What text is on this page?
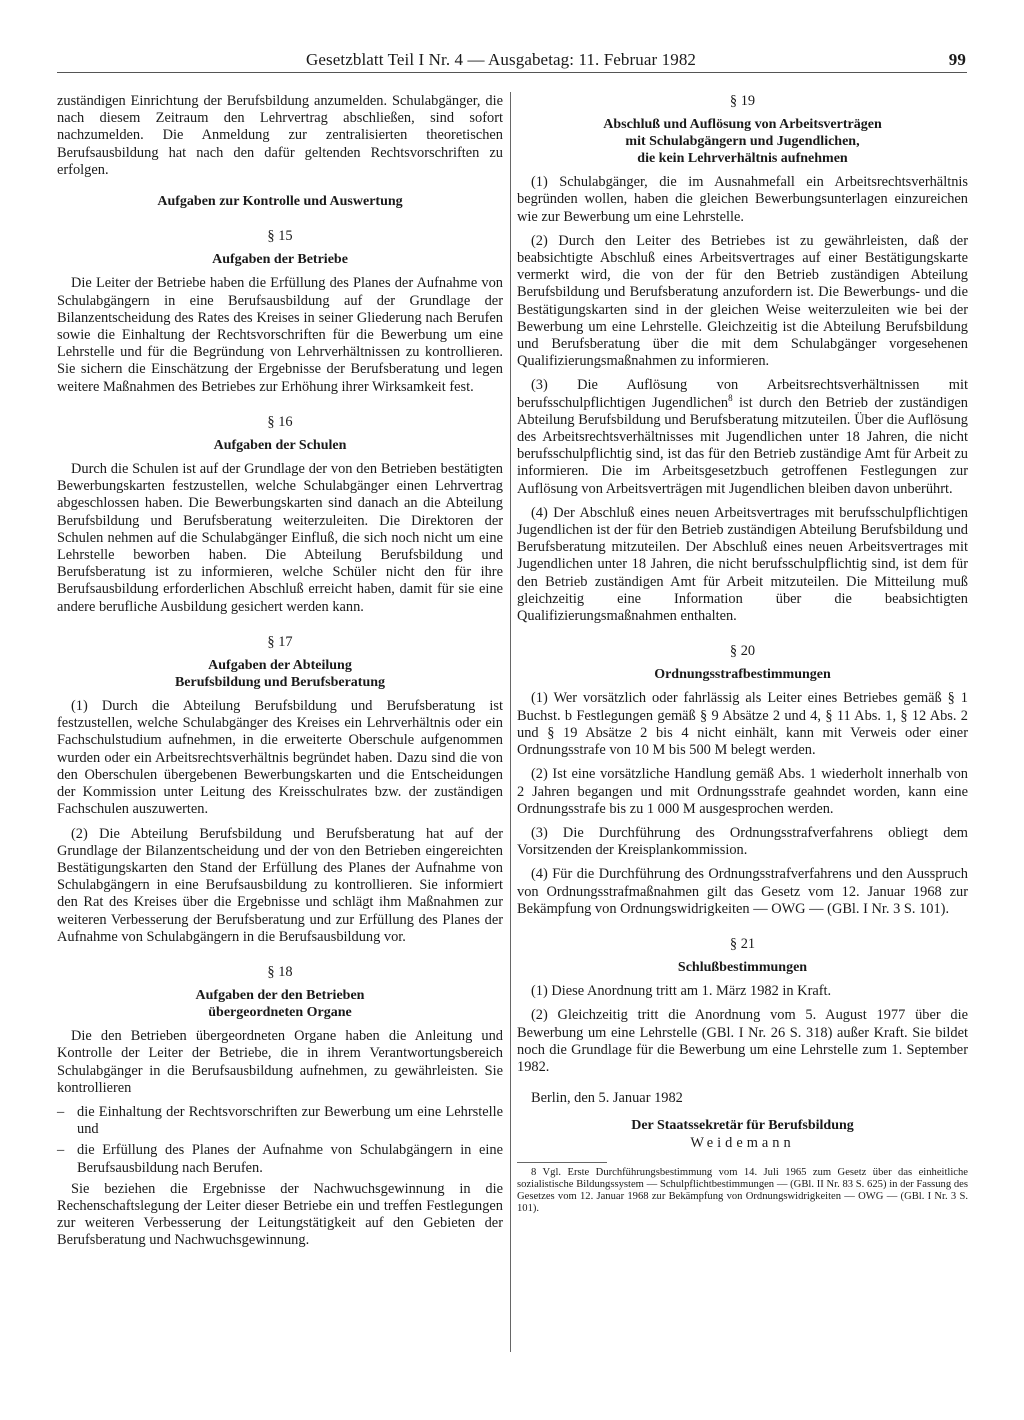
Gesetzblatt Teil I Nr. 4 — Ausgabetag: 11. Februar 1982	99

zuständigen Einrichtung der Berufsbildung anzumelden. Schulabgänger, die nach diesem Zeitraum den Lehrvertrag abschließen, sind sofort nachzumelden. Die Anmeldung zur zentralisierten theoretischen Berufsausbildung hat nach den dafür geltenden Rechtsvorschriften zu erfolgen.

Aufgaben zur Kontrolle und Auswertung
§ 15
Aufgaben der Betriebe

Die Leiter der Betriebe haben die Erfüllung des Planes der Aufnahme von Schulabgängern in eine Berufsausbildung auf der Grundlage der Bilanzentscheidung des Rates des Kreises in seiner Gliederung nach Berufen sowie die Einhaltung der Rechtsvorschriften für die Bewerbung um eine Lehrstelle und für die Begründung von Lehrverhältnissen zu kontrollieren. Sie sichern die Einschätzung der Ergebnisse der Berufsberatung und legen weitere Maßnahmen des Betriebes zur Erhöhung ihrer Wirksamkeit fest.

§ 16
Aufgaben der Schulen

Durch die Schulen ist auf der Grundlage der von den Betrieben bestätigten Bewerbungskarten festzustellen, welche Schulabgänger einen Lehrvertrag abgeschlossen haben. Die Bewerbungskarten sind danach an die Abteilung Berufsbildung und Berufsberatung weiterzuleiten. Die Direktoren der Schulen nehmen auf die Schulabgänger Einfluß, die sich noch nicht um eine Lehrstelle beworben haben. Die Abteilung Berufsbildung und Berufsberatung ist zu informieren, welche Schüler nicht den für ihre Berufsausbildung erforderlichen Abschluß erreicht haben, damit für sie eine andere berufliche Ausbildung gesichert werden kann.

§ 17
Aufgaben der Abteilung
Berufsbildung und Berufsberatung

(1) Durch die Abteilung Berufsbildung und Berufsberatung ist festzustellen, welche Schulabgänger des Kreises ein Lehrverhältnis oder ein Fachschulstudium aufnehmen, in die erweiterte Oberschule aufgenommen wurden oder ein Arbeitsrechtsverhältnis begründet haben. Dazu sind die von den Oberschulen übergebenen Bewerbungskarten und die Entscheidungen der Kommission unter Leitung des Kreisschulrates bzw. der zuständigen Fachschulen auszuwerten.

(2) Die Abteilung Berufsbildung und Berufsberatung hat auf der Grundlage der Bilanzentscheidung und der von den Betrieben eingereichten Bestätigungskarten den Stand der Erfüllung des Planes der Aufnahme von Schulabgängern in eine Berufsausbildung zu kontrollieren. Sie informiert den Rat des Kreises über die Ergebnisse und schlägt ihm Maßnahmen zur weiteren Verbesserung der Berufsberatung und zur Erfüllung des Planes der Aufnahme von Schulabgängern in die Berufsausbildung vor.

§ 18
Aufgaben der den Betrieben
übergeordneten Organe

Die den Betrieben übergeordneten Organe haben die Anleitung und Kontrolle der Leiter der Betriebe, die in ihrem Verantwortungsbereich Schulabgänger in die Berufsausbildung aufnehmen, zu gewährleisten. Sie kontrollieren

– die Einhaltung der Rechtsvorschriften zur Bewerbung um eine Lehrstelle und
– die Erfüllung des Planes der Aufnahme von Schulabgängern in eine Berufsausbildung nach Berufen.

Sie beziehen die Ergebnisse der Nachwuchsgewinnung in die Rechenschaftslegung der Leiter dieser Betriebe ein und treffen Festlegungen zur weiteren Verbesserung der Leitungstätigkeit auf den Gebieten der Berufsberatung und Nachwuchsgewinnung.

§ 19
Abschluß und Auflösung von Arbeitsverträgen
mit Schulabgängern und Jugendlichen,
die kein Lehrverhältnis aufnehmen

(1) Schulabgänger, die im Ausnahmefall ein Arbeitsrechtsverhältnis begründen wollen, haben die gleichen Bewerbungsunterlagen einzureichen wie zur Bewerbung um eine Lehrstelle.

(2) Durch den Leiter des Betriebes ist zu gewährleisten, daß der beabsichtigte Abschluß eines Arbeitsvertrages auf einer Bestätigungskarte vermerkt wird, die von der für den Betrieb zuständigen Abteilung Berufsbildung und Berufsberatung anzufordern ist. Die Bewerbungs- und die Bestätigungskarten sind in der gleichen Weise weiterzuleiten wie bei der Bewerbung um eine Lehrstelle. Gleichzeitig ist die Abteilung Berufsbildung und Berufsberatung über die mit dem Schulabgänger vorgesehenen Qualifizierungsmaßnahmen zu informieren.

(3) Die Auflösung von Arbeitsrechtsverhältnissen mit berufsschulpflichtigen Jugendlichen$^8$ ist durch den Betrieb der zuständigen Abteilung Berufsbildung und Berufsberatung mitzuteilen. Über die Auflösung des Arbeitsrechtsverhältnisses mit Jugendlichen unter 18 Jahren, die nicht berufsschulpflichtig sind, ist das für den Betrieb zuständige Amt für Arbeit zu informieren. Die im Arbeitsgesetzbuch getroffenen Festlegungen zur Auflösung von Arbeitsverträgen mit Jugendlichen bleiben davon unberührt.

(4) Der Abschluß eines neuen Arbeitsvertrages mit berufsschulpflichtigen Jugendlichen ist der für den Betrieb zuständigen Abteilung Berufsbildung und Berufsberatung mitzuteilen. Der Abschluß eines neuen Arbeitsvertrages mit Jugendlichen unter 18 Jahren, die nicht berufsschulpflichtig sind, ist dem für den Betrieb zuständigen Amt für Arbeit mitzuteilen. Die Mitteilung muß gleichzeitig eine Information über die beabsichtigten Qualifizierungsmaßnahmen enthalten.

§ 20
Ordnungsstrafbestimmungen

(1) Wer vorsätzlich oder fahrlässig als Leiter eines Betriebes gemäß § 1 Buchst. b Festlegungen gemäß § 9 Absätze 2 und 4, § 11 Abs. 1, § 12 Abs. 2 und § 19 Absätze 2 bis 4 nicht einhält, kann mit Verweis oder einer Ordnungsstrafe von 10 M bis 500 M belegt werden.

(2) Ist eine vorsätzliche Handlung gemäß Abs. 1 wiederholt innerhalb von 2 Jahren begangen und mit Ordnungsstrafe geahndet worden, kann eine Ordnungsstrafe bis zu 1 000 M ausgesprochen werden.

(3) Die Durchführung des Ordnungsstrafverfahrens obliegt dem Vorsitzenden der Kreisplankommission.

(4) Für die Durchführung des Ordnungsstrafverfahrens und den Ausspruch von Ordnungsstrafmaßnahmen gilt das Gesetz vom 12. Januar 1968 zur Bekämpfung von Ordnungswidrigkeiten — OWG — (GBl. I Nr. 3 S. 101).

§ 21
Schlußbestimmungen

(1) Diese Anordnung tritt am 1. März 1982 in Kraft.

(2) Gleichzeitig tritt die Anordnung vom 5. August 1977 über die Bewerbung um eine Lehrstelle (GBl. I Nr. 26 S. 318) außer Kraft. Sie bildet noch die Grundlage für die Bewerbung um eine Lehrstelle zum 1. September 1982.

Berlin, den 5. Januar 1982

Der Staatssekretär für Berufsbildung

Weidemann

8 Vgl. Erste Durchführungsbestimmung vom 14. Juli 1965 zum Gesetz über das einheitliche sozialistische Bildungssystem — Schulpflichtbestimmungen — (GBl. II Nr. 83 S. 625) in der Fassung des Gesetzes vom 12. Januar 1968 zur Bekämpfung von Ordnungswidrigkeiten — OWG — (GBl. I Nr. 3 S. 101).
